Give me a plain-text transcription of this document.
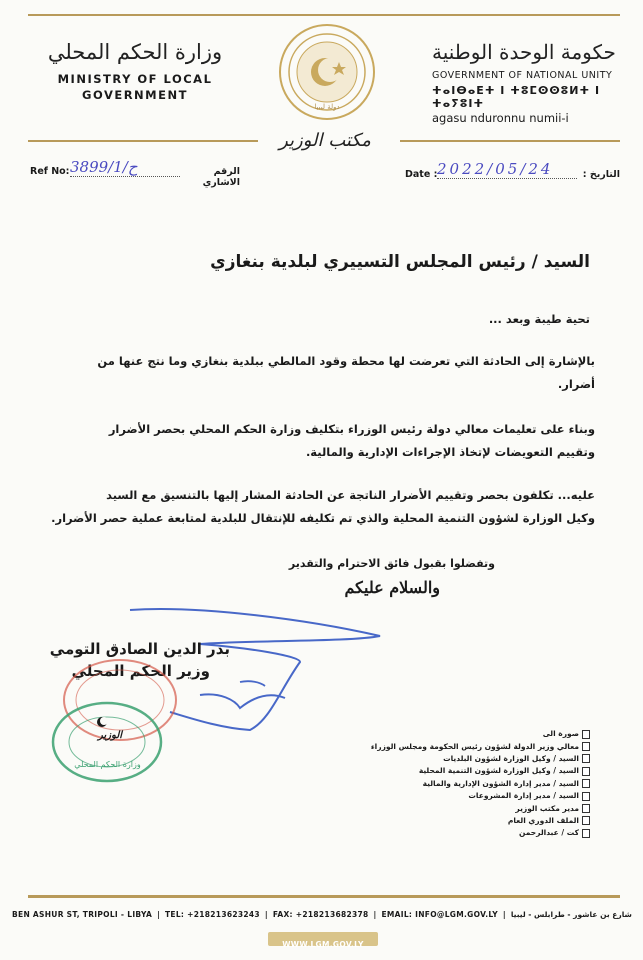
وزارة الحكم المحلي
MINISTRY OF LOCAL
GOVERNMENT
دولة ليبيا
حكومة الوحدة الوطنية
GOVERNMENT OF NATIONAL UNITY
ⵜⴰⵏⴱⴰⴹⵜ ⵏ ⵜⵓⵎⵙⵙⵓⵍⵜ ⵏ ⵜⴰⵢⵓⵏⵜ
agasu nduronnu numii-i
مكتب الوزير
Ref No: 3899/1/ح	الرقم الاشاري
Date : 2022/05/24	التاريخ :
السيد / رئيس المجلس التسييري لبلدية بنغازي
تحية طيبة وبعد ...
بالإشارة إلى الحادثة التي تعرضت لها محطة وقود المالطي ببلدية بنغازي وما نتج عنها من
أضرار.
وبناء على تعليمات معالي دولة رئيس الوزراء بتكليف وزارة الحكم المحلي بحصر الأضرار
وتقييم التعويضات لإتخاذ الإجراءات الإدارية والمالية.
عليه... تكلفون بحصر وتقييم الأضرار الناتجة عن الحادثة المشار إليها بالتنسيق مع السيد
وكيل الوزارة لشؤون التنمية المحلية والذي تم تكليفه للإنتقال للبلدية لمتابعة عملية حصر الأضرار.
وتفضلوا بقبول فائق الاحترام والتقدير
والسلام عليكم
بدر الدين الصادق التومي
وزير الحكم المحلي
الوزير
وزارة الحكم المحلي
صورة الى
معالي وزير الدولة لشؤون رئيس الحكومة ومجلس الوزراء
السيد / وكيل الوزارة لشؤون البلديات
السيد / وكيل الوزارة لشؤون التنمية المحلية
السيد / مدير إدارة الشؤون الإدارية والمالية
السيد / مدير إدارة المشروعات
مدير مكتب الوزير
الملف الدوري العام
كت / عبدالرحمن
BEN ASHUR ST, TRIPOLI - LIBYA | TEL: +218213623243 | FAX: +218213682378 | EMAIL: INFO@LGM.GOV.LY | شارع بن عاشور - طرابلس - ليبيا
WWW.LGM.GOV.LY
